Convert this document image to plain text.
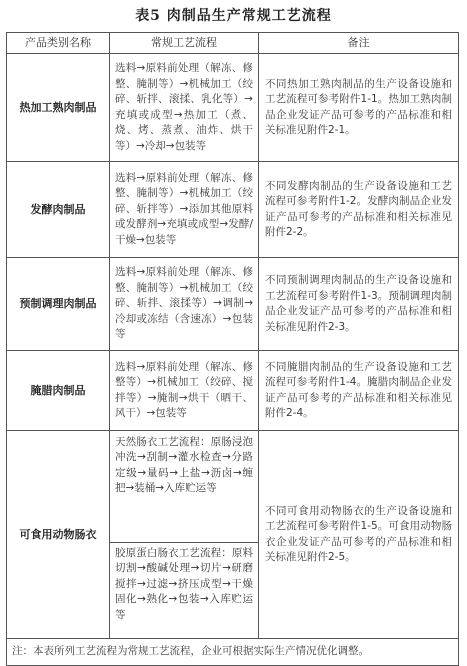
表5 肉制品生产常规工艺流程
产品类别名称	常规工艺流程	备注
热加工熟肉制品	选料→原料前处理（解冻、修整、腌制等）→机械加工（绞碎、斩拌、滚揉、乳化等）→充填或成型→热加工（煮、烧、烤、蒸煮、油炸、烘干等）→冷却→包装等	不同热加工熟肉制品的生产设备设施和工艺流程可参考附件1-1。热加工熟肉制品企业发证产品可参考的产品标准和相关标准见附件2-1。
发酵肉制品	选料→原料前处理（解冻、修整、腌制等）→机械加工（绞碎、斩拌等）→添加其他原料或发酵剂→充填或成型→发酵/干燥→包装等	不同发酵肉制品的生产设备设施和工艺流程可参考附件1-2。发酵肉制品企业发证产品可参考的产品标准和相关标准见附件2-2。
预制调理肉制品	选料→原料前处理（解冻、修整、腌制等）→机械加工（绞碎、斩拌、滚揉等）→调制→冷却或冻结（含速冻）→包装等	不同预制调理肉制品的生产设备设施和工艺流程可参考附件1-3。预制调理肉制品企业发证产品可参考的产品标准和相关标准见附件2-3。
腌腊肉制品	选料→原料前处理（解冻、修整等）→机械加工（绞碎、搅拌等）→腌制→烘干（晒干、风干）→包装等	不同腌腊肉制品的生产设备设施和工艺流程可参考附件1-4。腌腊肉制品企业发证产品可参考的产品标准和相关标准见附件2-4。
可食用动物肠衣	天然肠衣工艺流程：原肠浸泡冲洗→刮制→灌水检查→分路定级→量码→上盐→沥卤→缠把→装桶→入库贮运等
胶原蛋白肠衣工艺流程：原料切割→酸碱处理→切片→研磨搅拌→过滤→挤压成型→干燥固化→熟化→包装→入库贮运等	不同可食用动物肠衣的生产设备设施和工艺流程可参考附件1-5。可食用动物肠衣企业发证产品可参考的产品标准和相关标准见附件2-5。
注：本表所列工艺流程为常规工艺流程，企业可根据实际生产情况优化调整。		
